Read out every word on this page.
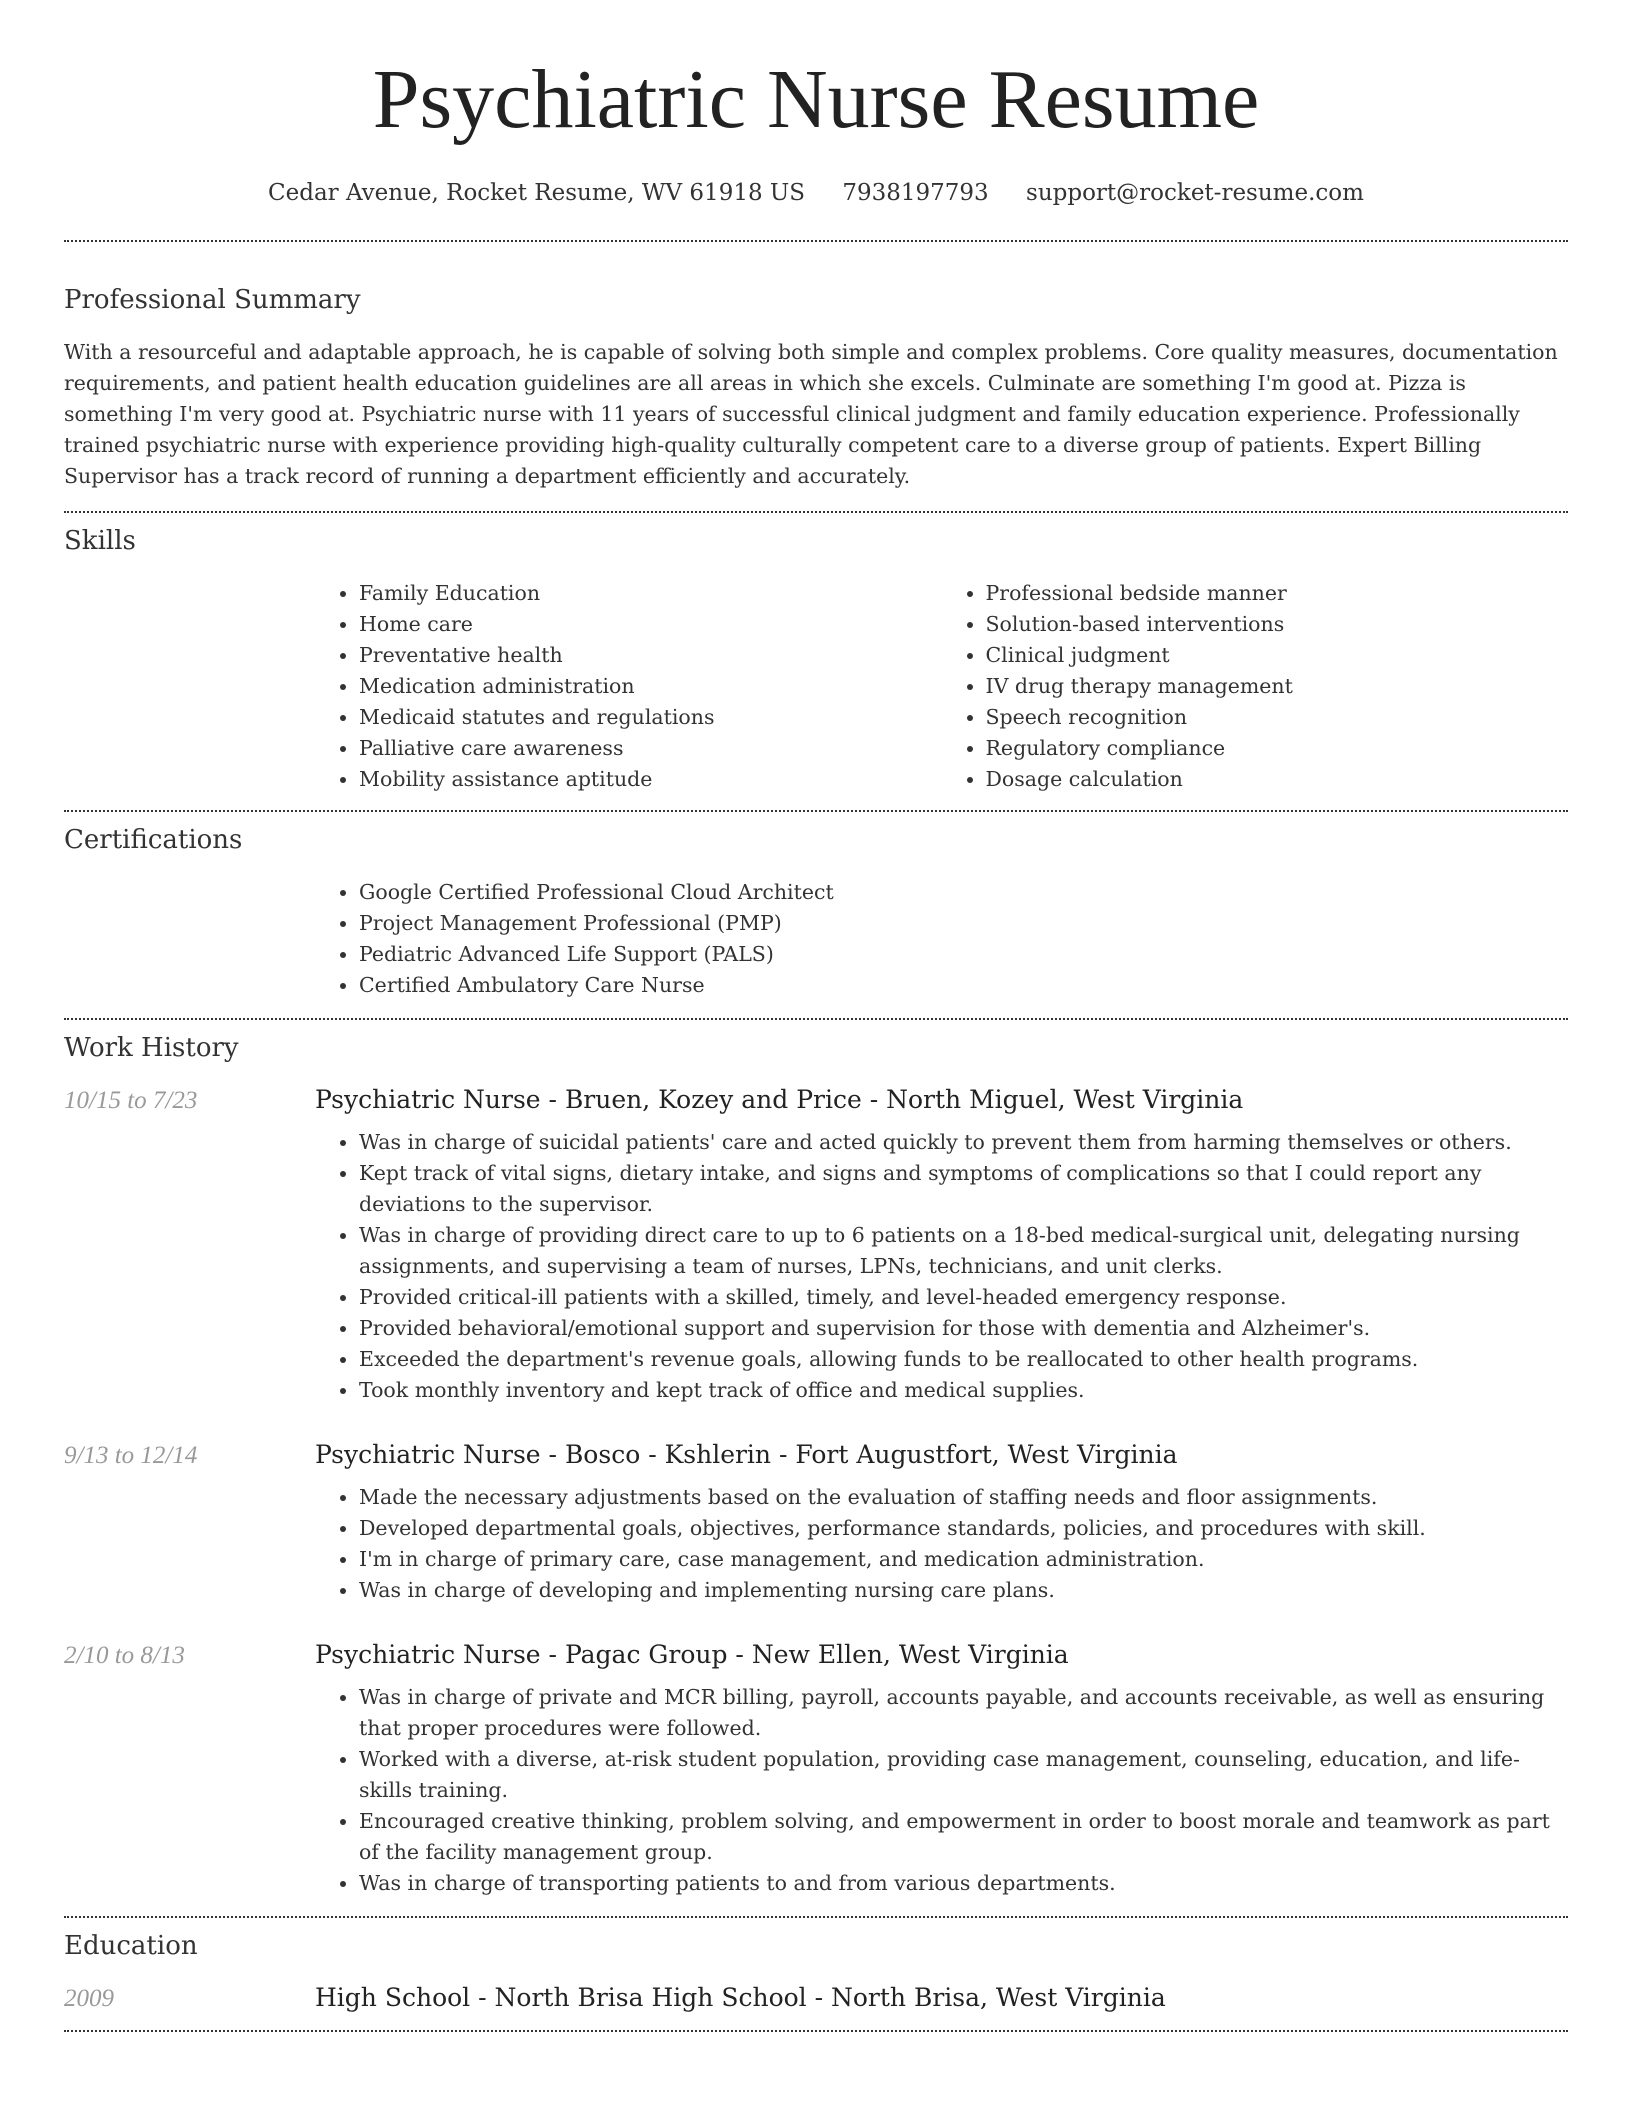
Psychiatric Nurse Resume
Cedar Avenue, Rocket Resume, WV 61918 US 7938197793 support@rocket-resume.com
Professional Summary

With a resourceful and adaptable approach, he is capable of solving both simple and complex problems. Core quality measures, documentation requirements, and patient health education guidelines are all areas in which she excels. Culminate are something I'm good at. Pizza is something I'm very good at. Psychiatric nurse with 11 years of successful clinical judgment and family education experience. Professionally trained psychiatric nurse with experience providing high-quality culturally competent care to a diverse group of patients. Expert Billing Supervisor has a track record of running a department efficiently and accurately.

Skills
• Family Education
• Home care
• Preventative health
• Medication administration
• Medicaid statutes and regulations
• Palliative care awareness
• Mobility assistance aptitude
• Professional bedside manner
• Solution-based interventions
• Clinical judgment
• IV drug therapy management
• Speech recognition
• Regulatory compliance
• Dosage calculation
Certifications
• Google Certified Professional Cloud Architect
• Project Management Professional (PMP)
• Pediatric Advanced Life Support (PALS)
• Certified Ambulatory Care Nurse
Work History
10/15 to 7/23	Psychiatric Nurse - Bruen, Kozey and Price - North Miguel, West Virginia
• Was in charge of suicidal patients' care and acted quickly to prevent them from harming themselves or others.
• Kept track of vital signs, dietary intake, and signs and symptoms of complications so that I could report any deviations to the supervisor.
• Was in charge of providing direct care to up to 6 patients on a 18-bed medical-surgical unit, delegating nursing assignments, and supervising a team of nurses, LPNs, technicians, and unit clerks.
• Provided critical-ill patients with a skilled, timely, and level-headed emergency response.
• Provided behavioral/emotional support and supervision for those with dementia and Alzheimer's.
• Exceeded the department's revenue goals, allowing funds to be reallocated to other health programs.
• Took monthly inventory and kept track of office and medical supplies.
9/13 to 12/14	Psychiatric Nurse - Bosco - Kshlerin - Fort Augustfort, West Virginia
• Made the necessary adjustments based on the evaluation of staffing needs and floor assignments.
• Developed departmental goals, objectives, performance standards, policies, and procedures with skill.
• I'm in charge of primary care, case management, and medication administration.
• Was in charge of developing and implementing nursing care plans.
2/10 to 8/13	Psychiatric Nurse - Pagac Group - New Ellen, West Virginia
• Was in charge of private and MCR billing, payroll, accounts payable, and accounts receivable, as well as ensuring that proper procedures were followed.
• Worked with a diverse, at-risk student population, providing case management, counseling, education, and life-skills training.
• Encouraged creative thinking, problem solving, and empowerment in order to boost morale and teamwork as part of the facility management group.
• Was in charge of transporting patients to and from various departments.
Education
2009	High School - North Brisa High School - North Brisa, West Virginia
